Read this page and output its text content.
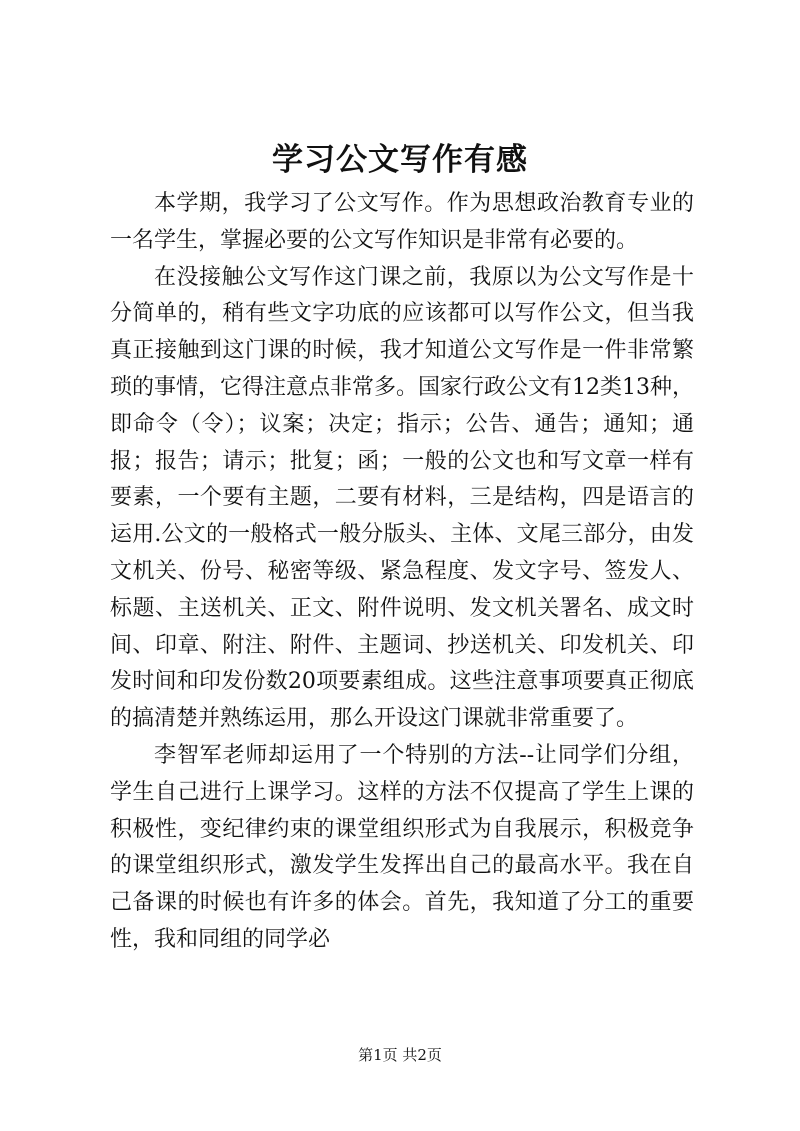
学习公文写作有感

本学期，我学习了公文写作。作为思想政治教育专业的一名学生，掌握必要的公文写作知识是非常有必要的。

在没接触公文写作这门课之前，我原以为公文写作是十分简单的，稍有些文字功底的应该都可以写作公文，但当我真正接触到这门课的时候，我才知道公文写作是一件非常繁琐的事情，它得注意点非常多。国家行政公文有12类13种，即命令（令）；议案；决定；指示；公告、通告；通知；通报；报告；请示；批复；函；一般的公文也和写文章一样有要素，一个要有主题，二要有材料，三是结构，四是语言的运用.公文的一般格式一般分版头、主体、文尾三部分，由发文机关、份号、秘密等级、紧急程度、发文字号、签发人、标题、主送机关、正文、附件说明、发文机关署名、成文时间、印章、附注、附件、主题词、抄送机关、印发机关、印发时间和印发份数20项要素组成。这些注意事项要真正彻底的搞清楚并熟练运用，那么开设这门课就非常重要了。

李智军老师却运用了一个特别的方法--让同学们分组，学生自己进行上课学习。这样的方法不仅提高了学生上课的积极性，变纪律约束的课堂组织形式为自我展示，积极竞争的课堂组织形式，激发学生发挥出自己的最高水平。我在自己备课的时候也有许多的体会。首先，我知道了分工的重要性，我和同组的同学必

第1页 共2页
